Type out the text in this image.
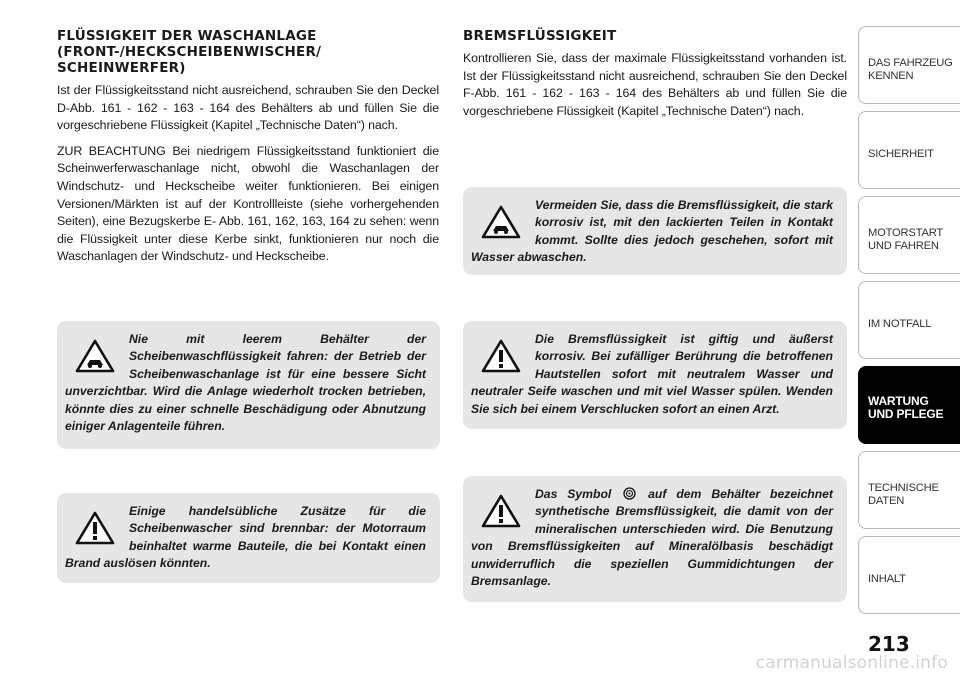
FLÜSSIGKEIT DER WASCHANLAGE
(FRONT-/HECKSCHEIBENWISCHER/
SCHEINWERFER)

Ist der Flüssigkeitsstand nicht ausreichend, schrauben Sie den Deckel D-Abb. 161 - 162 - 163 - 164 des Behälters ab und füllen Sie die vorgeschriebene Flüssigkeit (Kapitel „Technische Daten“) nach.

ZUR BEACHTUNG Bei niedrigem Flüssigkeitsstand funktioniert die Scheinwerferwaschanlage nicht, obwohl die Waschanlagen der Windschutz- und Heckscheibe weiter funktionieren. Bei einigen Versionen/Märkten ist auf der Kontrollleiste (siehe vorhergehenden Seiten), eine Bezugskerbe E- Abb. 161, 162, 163, 164 zu sehen: wenn die Flüssigkeit unter diese Kerbe sinkt, funktionieren nur noch die Waschanlagen der Windschutz- und Heckscheibe.

Nie mit leerem Behälter der Scheibenwaschflüssigkeit fahren: der Betrieb der Scheibenwaschanlage ist für eine bessere Sicht unverzichtbar. Wird die Anlage wiederholt trocken betrieben, könnte dies zu einer schnelle Beschädigung oder Abnutzung einiger Anlagenteile führen.
Einige handelsübliche Zusätze für die Scheibenwascher sind brennbar: der Motorraum beinhaltet warme Bauteile, die bei Kontakt einen Brand auslösen könnten.
BREMSFLÜSSIGKEIT

Kontrollieren Sie, dass der maximale Flüssigkeitsstand vorhanden ist. Ist der Flüssigkeitsstand nicht ausreichend, schrauben Sie den Deckel F-Abb. 161 - 162 - 163 - 164 des Behälters ab und füllen Sie die vorgeschriebene Flüssigkeit (Kapitel „Technische Daten“) nach.

Vermeiden Sie, dass die Bremsflüssigkeit, die stark korrosiv ist, mit den lackierten Teilen in Kontakt kommt. Sollte dies jedoch geschehen, sofort mit Wasser abwaschen.
Die Bremsflüssigkeit ist giftig und äußerst korrosiv. Bei zufälliger Berührung die betroffenen Hautstellen sofort mit neutralem Wasser und neutraler Seife waschen und mit viel Wasser spülen. Wenden Sie sich bei einem Verschlucken sofort an einen Arzt.
Das Symbol	auf dem Behälter bezeichnet synthetische Bremsflüssigkeit, die damit von der mineralischen unterschieden wird. Die Benutzung von Bremsflüssigkeiten auf Mineralölbasis beschädigt unwiderruflich die speziellen Gummidichtungen der Bremsanlage.
DAS FAHRZEUG
KENNEN
SICHERHEIT
MOTORSTART
UND FAHREN
IM NOTFALL
WARTUNG
UND PFLEGE
TECHNISCHE
DATEN
INHALT
213
carmanualsonline.info
